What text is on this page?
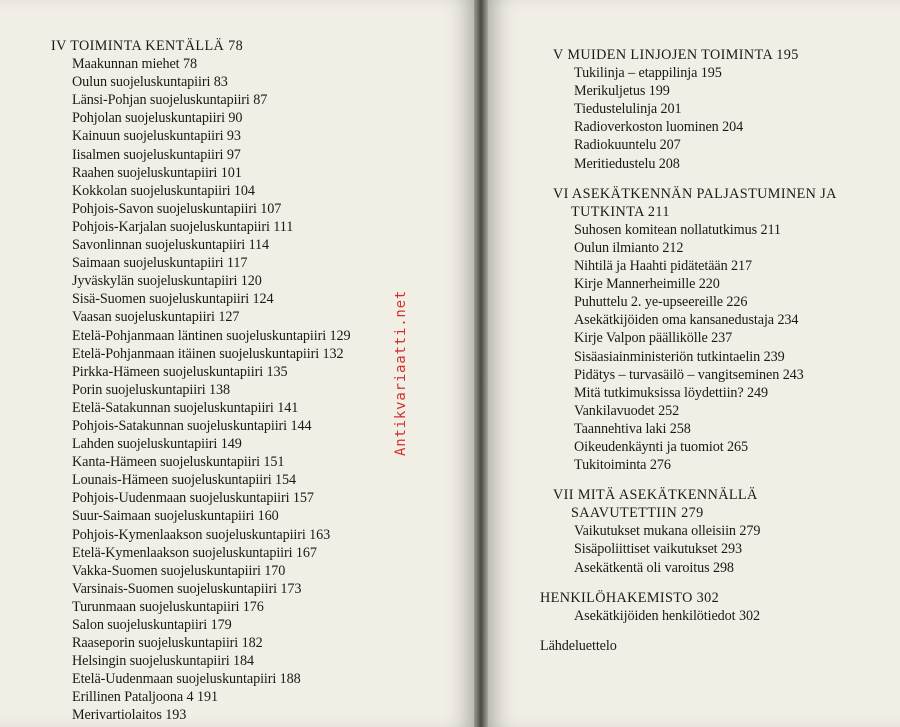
IV TOIMINTA KENTÄLLÄ 78
Maakunnan miehet 78
Oulun suojeluskuntapiiri 83
Länsi-Pohjan suojeluskuntapiiri 87
Pohjolan suojeluskuntapiiri 90
Kainuun suojeluskuntapiiri 93
Iisalmen suojeluskuntapiiri 97
Raahen suojeluskuntapiiri 101
Kokkolan suojeluskuntapiiri 104
Pohjois-Savon suojeluskuntapiiri 107
Pohjois-Karjalan suojeluskuntapiiri 111
Savonlinnan suojeluskuntapiiri 114
Saimaan suojeluskuntapiiri 117
Jyväskylän suojeluskuntapiiri 120
Sisä-Suomen suojeluskuntapiiri 124
Vaasan suojeluskuntapiiri 127
Etelä-Pohjanmaan läntinen suojeluskuntapiiri 129
Etelä-Pohjanmaan itäinen suojeluskuntapiiri 132
Pirkka-Hämeen suojeluskuntapiiri 135
Porin suojeluskuntapiiri 138
Etelä-Satakunnan suojeluskuntapiiri 141
Pohjois-Satakunnan suojeluskuntapiiri 144
Lahden suojeluskuntapiiri 149
Kanta-Hämeen suojeluskuntapiiri 151
Lounais-Hämeen suojeluskuntapiiri 154
Pohjois-Uudenmaan suojeluskuntapiiri 157
Suur-Saimaan suojeluskuntapiiri 160
Pohjois-Kymenlaakson suojeluskuntapiiri 163
Etelä-Kymenlaakson suojeluskuntapiiri 167
Vakka-Suomen suojeluskuntapiiri 170
Varsinais-Suomen suojeluskuntapiiri 173
Turunmaan suojeluskuntapiiri 176
Salon suojeluskuntapiiri 179
Raaseporin suojeluskuntapiiri 182
Helsingin suojeluskuntapiiri 184
Etelä-Uudenmaan suojeluskuntapiiri 188
Erillinen Pataljoona 4 191
Merivartiolaitos 193
V MUIDEN LINJOJEN TOIMINTA 195
Tukilinja – etappilinja 195
Merikuljetus 199
Tiedustelulinja 201
Radioverkoston luominen 204
Radiokuuntelu 207
Meritiedustelu 208
VI ASEKÄTKENNÄN PALJASTUMINEN JA
TUTKINTA 211
Suhosen komitean nollatutkimus 211
Oulun ilmianto 212
Nihtilä ja Haahti pidätetään 217
Kirje Mannerheimille 220
Puhuttelu 2. ye-upseereille 226
Asekätkijöiden oma kansanedustaja 234
Kirje Valpon päällikölle 237
Sisäasiainministeriön tutkintaelin 239
Pidätys – turvasäilö – vangitseminen 243
Mitä tutkimuksissa löydettiin? 249
Vankilavuodet 252
Taannehtiva laki 258
Oikeudenkäynti ja tuomiot 265
Tukitoiminta 276
VII MITÄ ASEKÄTKENNÄLLÄ
SAAVUTETTIIN 279
Vaikutukset mukana olleisiin 279
Sisäpoliittiset vaikutukset 293
Asekätkentä oli varoitus 298
HENKILÖHAKEMISTO 302
Asekätkijöiden henkilötiedot 302
Lähdeluettelo
Antikvariaatti.net
